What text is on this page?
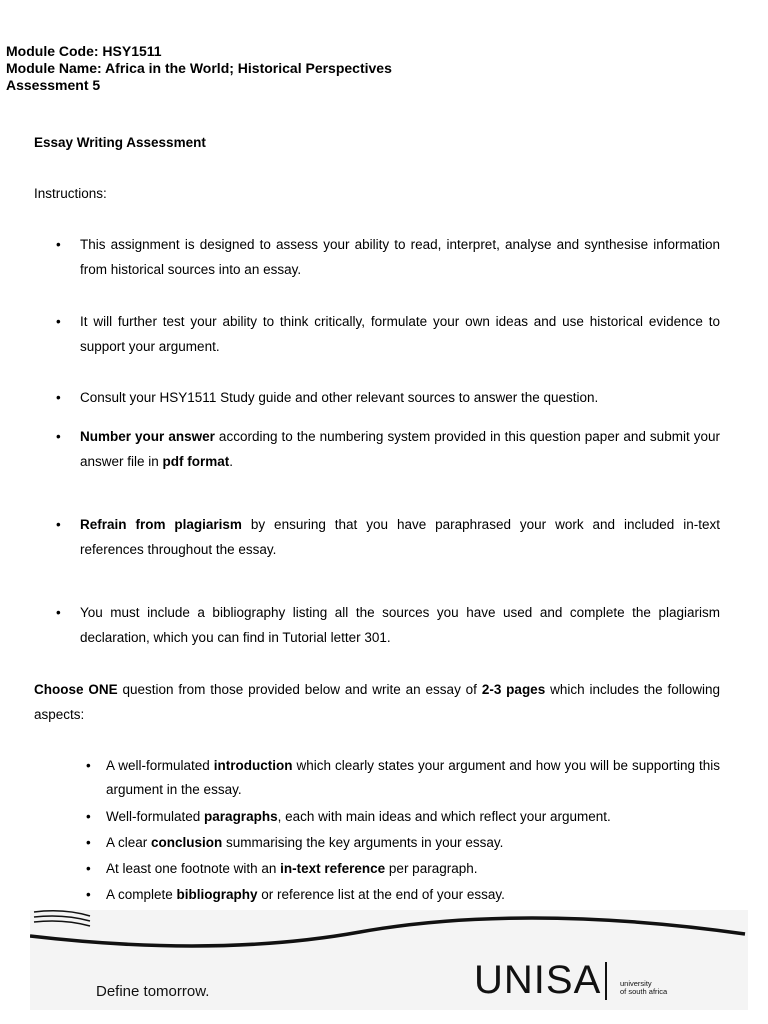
Module Code: HSY1511
Module Name: Africa in the World; Historical Perspectives
Assessment 5
Essay Writing Assessment
Instructions:
• This assignment is designed to assess your ability to read, interpret, analyse and synthesise information from historical sources into an essay.
• It will further test your ability to think critically, formulate your own ideas and use historical evidence to support your argument.
• Consult your HSY1511 Study guide and other relevant sources to answer the question.
• Number your answer according to the numbering system provided in this question paper and submit your answer file in pdf format.
• Refrain from plagiarism by ensuring that you have paraphrased your work and included in-text references throughout the essay.
• You must include a bibliography listing all the sources you have used and complete the plagiarism declaration, which you can find in Tutorial letter 301.
Choose ONE question from those provided below and write an essay of 2-3 pages which includes the following aspects:
• A well-formulated introduction which clearly states your argument and how you will be supporting this argument in the essay.
• Well-formulated paragraphs, each with main ideas and which reflect your argument.
• A clear conclusion summarising the key arguments in your essay.
• At least one footnote with an in-text reference per paragraph.
• A complete bibliography or reference list at the end of your essay.
Define tomorrow.	UNISA	university
of south africa
